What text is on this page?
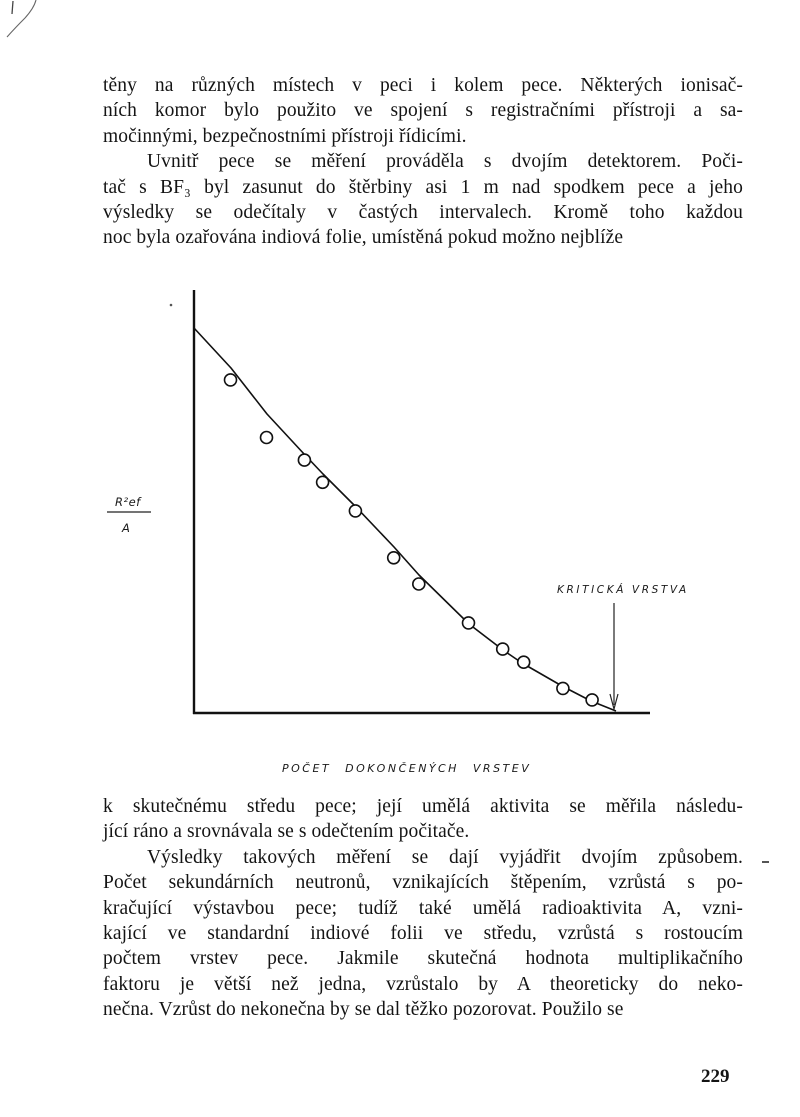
těny na různých místech v peci i kolem pece. Některých ionisač-

ních komor bylo použito ve spojení s registračními přístroji a sa-

močinnými, bezpečnostními přístroji řídicími.

Uvnitř pece se měření prováděla s dvojím detektorem. Poči-

tač s BF₃ byl zasunut do štěrbiny asi 1 m nad spodkem pece a jeho

výsledky se odečítaly v častých intervalech. Kromě toho každou

noc byla ozařována indiová folie, umístěná pokud možno nejblíže

KRITICKÁ VRSTVA
R²ef
A
POČET DOKONČENÝCH VRSTEV

k skutečnému středu pece; její umělá aktivita se měřila následu-

jící ráno a srovnávala se s odečtením počitače.

Výsledky takových měření se dají vyjádřit dvojím způsobem.

Počet sekundárních neutronů, vznikajících štěpením, vzrůstá s po-

kračující výstavbou pece; tudíž také umělá radioaktivita A, vzni-

kající ve standardní indiové folii ve středu, vzrůstá s rostoucím

počtem vrstev pece. Jakmile skutečná hodnota multiplikačního

faktoru je větší než jedna, vzrůstalo by A theoreticky do neko-

nečna. Vzrůst do nekonečna by se dal těžko pozorovat. Použilo se

229
